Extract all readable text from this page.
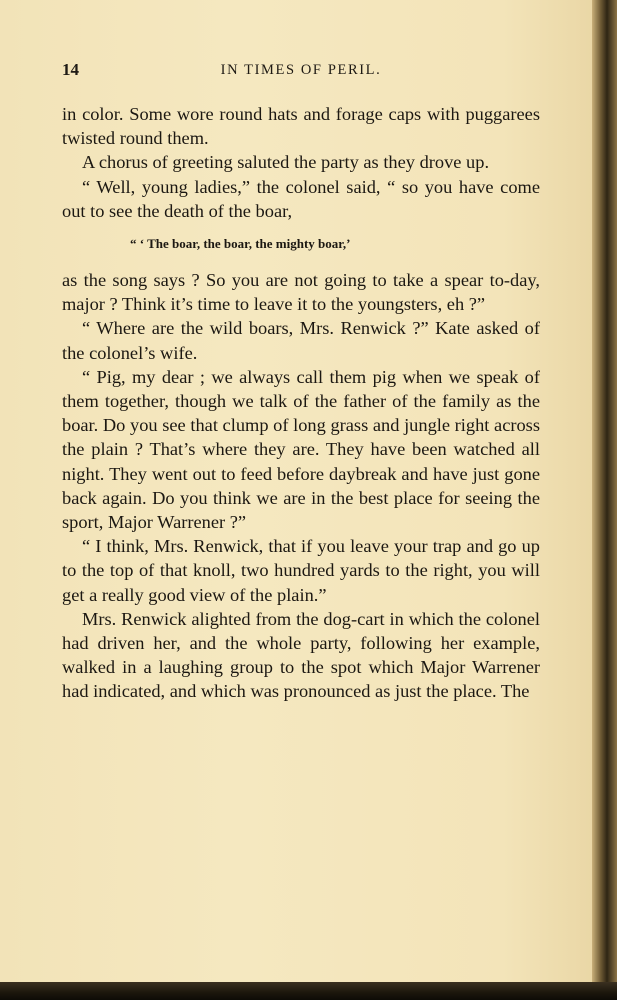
14	IN TIMES OF PERIL.

in color. Some wore round hats and forage caps with puggarees twisted round them.

A chorus of greeting saluted the party as they drove up.

“ Well, young ladies,” the colonel said, “ so you have come out to see the death of the boar,

“ ‘ The boar, the boar, the mighty boar,’

as the song says ? So you are not going to take a spear to-day, major ? Think it’s time to leave it to the youngsters, eh ?”

“ Where are the wild boars, Mrs. Renwick ?” Kate asked of the colonel’s wife.

“ Pig, my dear ; we always call them pig when we speak of them together, though we talk of the father of the family as the boar. Do you see that clump of long grass and jungle right across the plain ? That’s where they are. They have been watched all night. They went out to feed before daybreak and have just gone back again. Do you think we are in the best place for seeing the sport, Major Warrener ?”

“ I think, Mrs. Renwick, that if you leave your trap and go up to the top of that knoll, two hundred yards to the right, you will get a really good view of the plain.”

Mrs. Renwick alighted from the dog-cart in which the colonel had driven her, and the whole party, following her example, walked in a laughing group to the spot which Major Warrener had indicated, and which was pronounced as just the place. The
